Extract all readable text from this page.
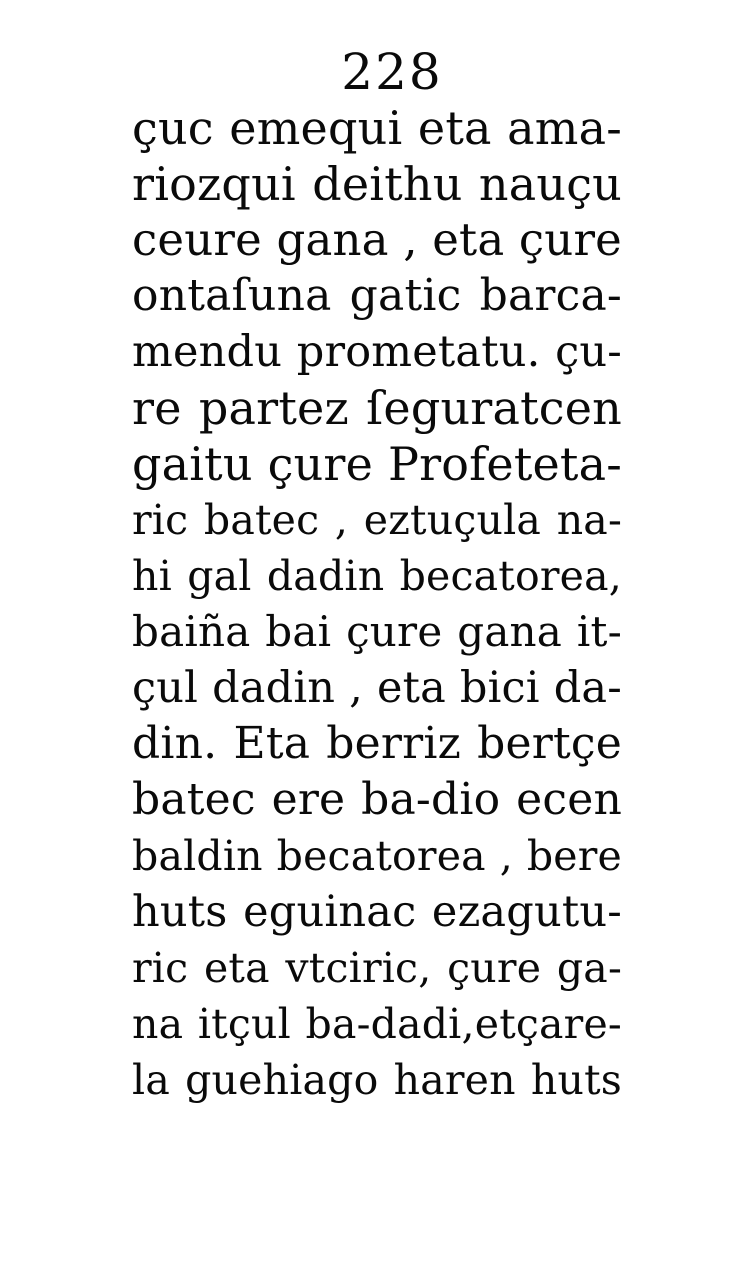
228
çuc emequi eta ama-
riozqui deithu nauçu
ceure gana , eta çure
ontaſuna gatic barca-
mendu prometatu. çu-
re partez ſeguratcen
gaitu çure Profeteta-
ric batec , eztuçula na-
hi gal dadin becatorea,
baiña bai çure gana it-
çul dadin , eta bici da-
din. Eta berriz bertçe
batec ere ba-dio ecen
baldin becatorea , bere
huts eguinac ezagutu-
ric eta vtciric, çure ga-
na itçul ba-dadi,etçare-
la guehiago haren huts
